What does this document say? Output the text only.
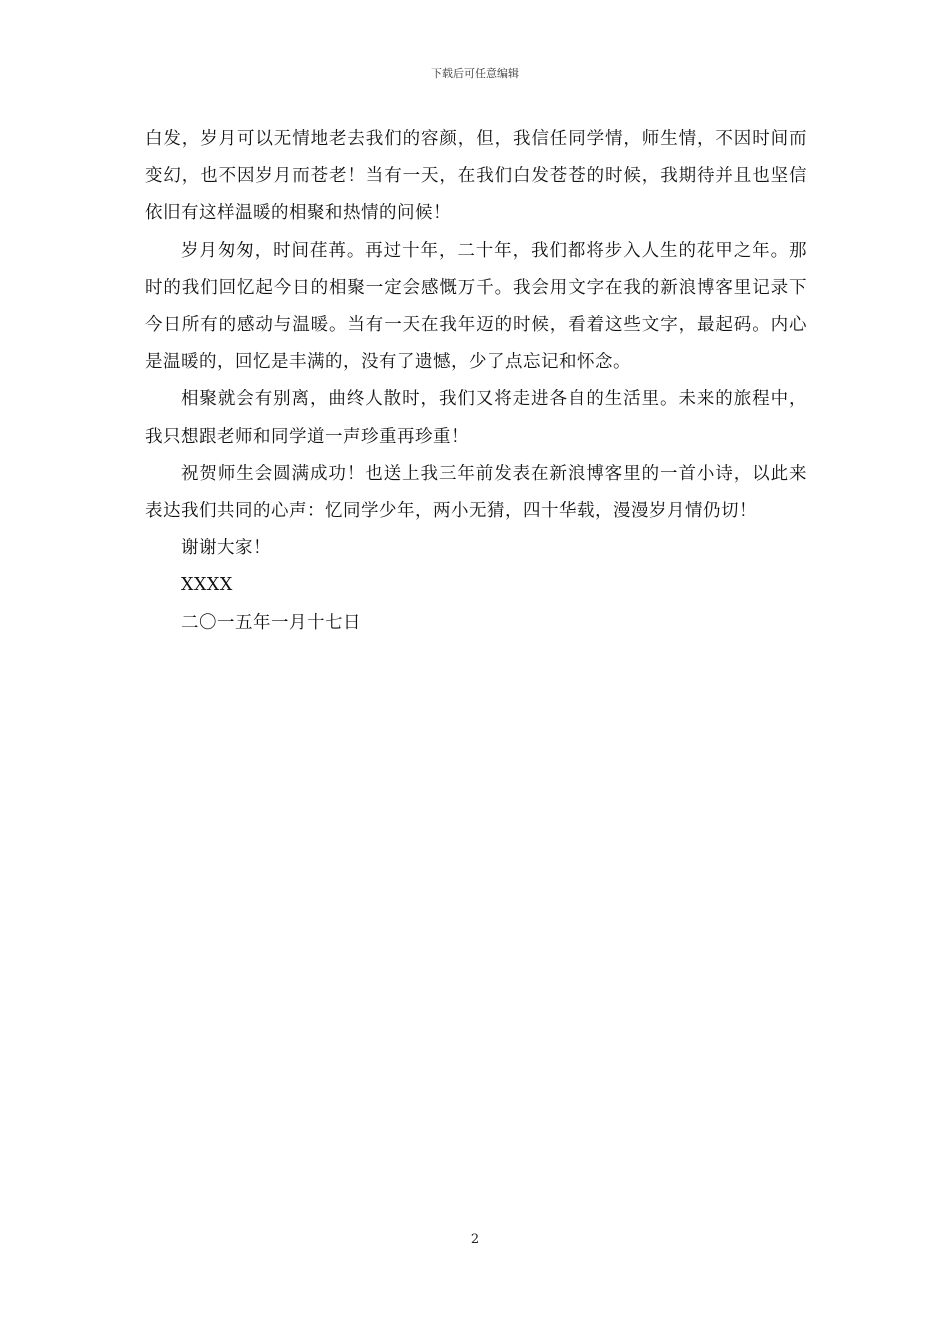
下载后可任意编辑

白发，岁月可以无情地老去我们的容颜，但，我信任同学情，师生情，不因时间而变幻，也不因岁月而苍老！当有一天，在我们白发苍苍的时候，我期待并且也坚信依旧有这样温暖的相聚和热情的问候！

岁月匆匆，时间荏苒。再过十年，二十年，我们都将步入人生的花甲之年。那时的我们回忆起今日的相聚一定会感慨万千。我会用文字在我的新浪博客里记录下今日所有的感动与温暖。当有一天在我年迈的时候，看着这些文字，最起码。内心是温暖的，回忆是丰满的，没有了遗憾，少了点忘记和怀念。

相聚就会有别离，曲终人散时，我们又将走进各自的生活里。未来的旅程中，我只想跟老师和同学道一声珍重再珍重！

祝贺师生会圆满成功！也送上我三年前发表在新浪博客里的一首小诗，以此来表达我们共同的心声：忆同学少年，两小无猜，四十华载，漫漫岁月情仍切！

谢谢大家！

XXXX

二〇一五年一月十七日

2
